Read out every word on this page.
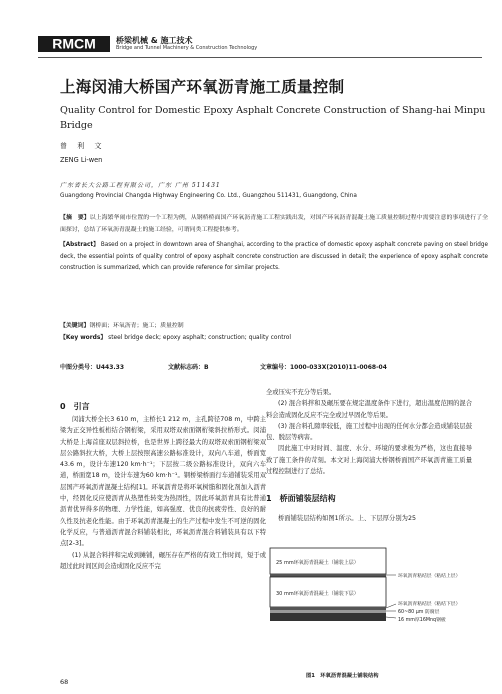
RMCM	桥梁机械 & 施工技术
Bridge and Tunnel Machinery & Construction Technology
上海闵浦大桥国产环氧沥青施工质量控制
Quality Control for Domestic Epoxy Asphalt Concrete Construction of Shang-hai Minpu Bridge
曾 利 文
ZENG Li-wen
广东省长大公路工程有限公司，广东 广州 511431
Guangdong Provincial Changda Highway Engineering Co. Ltd., Guangzhou 511431, Guangdong, China
【摘　要】以上海繁华闹市位置的一个工程为例，从钢桥桥面国产环氧沥青施工工程实践出发，对国产环氧沥青混凝土施工质量控制过程中需要注意的事项进行了全面探讨，总结了环氧沥青混凝土的施工经验，可谓同类工程提供参考。
【Abstract】 Based on a project in downtown area of Shanghai, according to the practice of domestic epoxy asphalt concrete paving on steel bridge deck, the essential points of quality control of epoxy asphalt concrete construction are discussed in detail; the experience of epoxy asphalt concrete construction is summarized, which can provide reference for similar projects.
【关键词】钢桥面；环氧沥青；施工；质量控制
【Key words】 steel bridge deck; epoxy asphalt; construction; quality control
中图分类号：U443.33	文献标志码：B	文章编号：1000-033X(2010)11-0068-04
0　引言

闵浦大桥全长3 610 m，主桥长1 212 m，主孔跨径708 m，中跨主梁为正交异性板桁结合钢桁梁，采用双塔双索面钢桁梁斜拉桥形式。闵浦大桥是上海首座双层斜拉桥，也是世界上跨径最大的双塔双索面钢桁梁双层公路斜拉大桥，大桥上层按照高速公路标准设计，双向八车道，桥面宽43.6 m，设计车速120 km·h⁻¹；下层按二级公路标准设计，双向六车道，桥面宽18 m，设计车速为60 km·h⁻¹。钢桥梁桥面行车道铺装采用双层国产环氧沥青混凝土结构[1]。环氧沥青是将环氧树脂和固化剂加入沥青中，经固化反应使沥青从热塑性转变为热固性，因此环氧沥青具有比普通沥青优异得多的物理、力学性能，如高强度、优良的抗疲劳性、良好的耐久性及抗老化性能。由于环氧沥青混凝土的生产过程中发生不可逆的固化化学反应，与普通沥青混合料铺装相比，环氧沥青混合料铺装具有以下特点[2-3]。

(1) 从混合料拌和完成到摊铺，碾压存在严格的有效工作时间，短于或超过此时间区间会造成固化反应不完

全或压实不充分等后果。

(2) 混合料拌和及碾压要在规定温度条件下进行，超出温度范围的混合料会造成固化反应不完全或过早固化等后果。

(3) 混合料孔隙率较低，施工过程中出现的任何水分都会造成铺装层鼓包、脱层等病害。

因此施工中对时间、温度、水分、环境的要求极为严格，这也直接导致了施工条件的苛刻。本文对上海闵浦大桥钢桥面国产环氧沥青施工质量过程控制进行了总结。

1　桥面铺装层结构

桥面铺装层结构如图1所示。上、下层厚分别为25

25 mm环氧沥青混凝土（铺装上层）
30 mm环氧沥青混凝土（铺装下层）
环氧沥青粘结层（粘结上层）
环氧沥青粘结层（粘结下层）
60~80 μm 防腐层
16 mm厚16Mnq钢板
图1　环氧沥青混凝土铺装结构
68
